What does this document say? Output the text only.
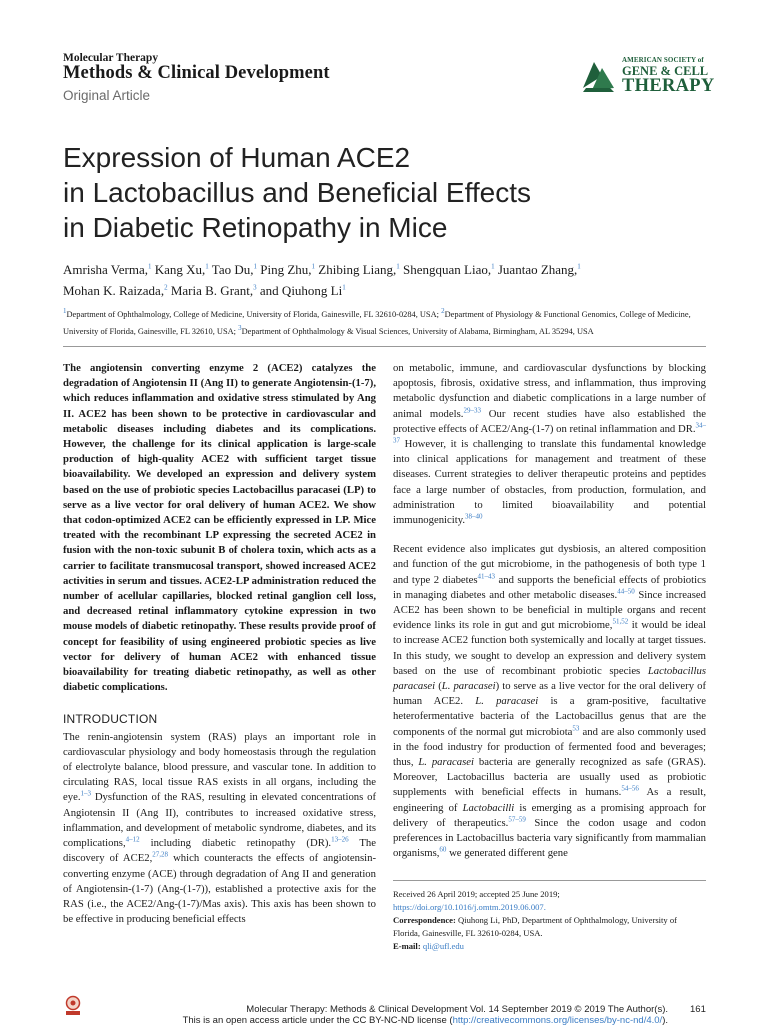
Molecular Therapy
Methods & Clinical Development
Original Article
AMERICAN SOCIETY of
GENE & CELL
THERAPY
Expression of Human ACE2
in Lactobacillus and Beneficial Effects
in Diabetic Retinopathy in Mice
Amrisha Verma,$^1$ Kang Xu,$^1$ Tao Du,$^1$ Ping Zhu,$^1$ Zhibing Liang,$^1$ Shengquan Liao,$^1$ Juantao Zhang,$^1$
Mohan K. Raizada,$^2$ Maria B. Grant,$^3$ and Qiuhong Li$^1$
$^1$Department of Ophthalmology, College of Medicine, University of Florida, Gainesville, FL 32610-0284, USA; $^2$Department of Physiology & Functional Genomics, College of Medicine, University of Florida, Gainesville, FL 32610, USA; $^3$Department of Ophthalmology & Visual Sciences, University of Alabama, Birmingham, AL 35294, USA
The angiotensin converting enzyme 2 (ACE2) catalyzes the degradation of Angiotensin II (Ang II) to generate Angiotensin-(1-7), which reduces inflammation and oxidative stress stimulated by Ang II. ACE2 has been shown to be protective in cardiovascular and metabolic diseases including diabetes and its complications. However, the challenge for its clinical application is large-scale production of high-quality ACE2 with sufficient target tissue bioavailability. We developed an expression and delivery system based on the use of probiotic species Lactobacillus paracasei (LP) to serve as a live vector for oral delivery of human ACE2. We show that codon-optimized ACE2 can be efficiently expressed in LP. Mice treated with the recombinant LP expressing the secreted ACE2 in fusion with the non-toxic subunit B of cholera toxin, which acts as a carrier to facilitate transmucosal transport, showed increased ACE2 activities in serum and tissues. ACE2-LP administration reduced the number of acellular capillaries, blocked retinal ganglion cell loss, and decreased retinal inflammatory cytokine expression in two mouse models of diabetic retinopathy. These results provide proof of concept for feasibility of using engineered probiotic species as live vector for delivery of human ACE2 with enhanced tissue bioavailability for treating diabetic retinopathy, as well as other diabetic complications.
INTRODUCTION
The renin-angiotensin system (RAS) plays an important role in cardiovascular physiology and body homeostasis through the regulation of electrolyte balance, blood pressure, and vascular tone. In addition to circulating RAS, local tissue RAS exists in all organs, including the eye.$^{1-3}$ Dysfunction of the RAS, resulting in elevated concentrations of Angiotensin II (Ang II), contributes to increased oxidative stress, inflammation, and development of metabolic syndrome, diabetes, and its complications,$^{4-12}$ including diabetic retinopathy (DR).$^{13-26}$ The discovery of ACE2,$^{27,28}$ which counteracts the effects of angiotensin-converting enzyme (ACE) through degradation of Ang II and generation of Angiotensin-(1-7) (Ang-(1-7)), established a protective axis for the RAS (i.e., the ACE2/Ang-(1-7)/Mas axis). This axis has been shown to be effective in producing beneficial effects
on metabolic, immune, and cardiovascular dysfunctions by blocking apoptosis, fibrosis, oxidative stress, and inflammation, thus improving metabolic dysfunction and diabetic complications in a large number of animal models.$^{29-33}$ Our recent studies have also established the protective effects of ACE2/Ang-(1-7) on retinal inflammation and DR.$^{34-37}$ However, it is challenging to translate this fundamental knowledge into clinical applications for management and treatment of these diseases. Current strategies to deliver therapeutic proteins and peptides face a large number of obstacles, from production, formulation, and administration to limited bioavailability and potential immunogenicity.$^{38-40}$
Recent evidence also implicates gut dysbiosis, an altered composition and function of the gut microbiome, in the pathogenesis of both type 1 and type 2 diabetes$^{41-43}$ and supports the beneficial effects of probiotics in managing diabetes and other metabolic diseases.$^{44-50}$ Since increased ACE2 has been shown to be beneficial in multiple organs and recent evidence links its role in gut and gut microbiome,$^{51,52}$ it would be ideal to increase ACE2 function both systemically and locally at target tissues. In this study, we sought to develop an expression and delivery system based on the use of recombinant probiotic species Lactobacillus paracasei (L. paracasei) to serve as a live vector for the oral delivery of human ACE2. L. paracasei is a gram-positive, facultative heterofermentative bacteria of the Lactobacillus genus that are the components of the normal gut microbiota$^{53}$ and are also commonly used in the food industry for production of fermented food and beverages; thus, L. paracasei bacteria are generally recognized as safe (GRAS). Moreover, Lactobacillus bacteria are usually used as probiotic supplements with beneficial effects in humans.$^{54-56}$ As a result, engineering of Lactobacilli is emerging as a promising approach for delivery of therapeutics.$^{57-59}$ Since the codon usage and codon preferences in Lactobacillus bacteria vary significantly from mammalian organisms,$^{60}$ we generated different gene
Received 26 April 2019; accepted 25 June 2019;
https://doi.org/10.1016/j.omtm.2019.06.007.
Correspondence: Qiuhong Li, PhD, Department of Ophthalmology, University of Florida, Gainesville, FL 32610-0284, USA.
E-mail: qli@ufl.edu
Molecular Therapy: Methods & Clinical Development Vol. 14 September 2019 © 2019 The Author(s). 161
This is an open access article under the CC BY-NC-ND license (http://creativecommons.org/licenses/by-nc-nd/4.0/).
